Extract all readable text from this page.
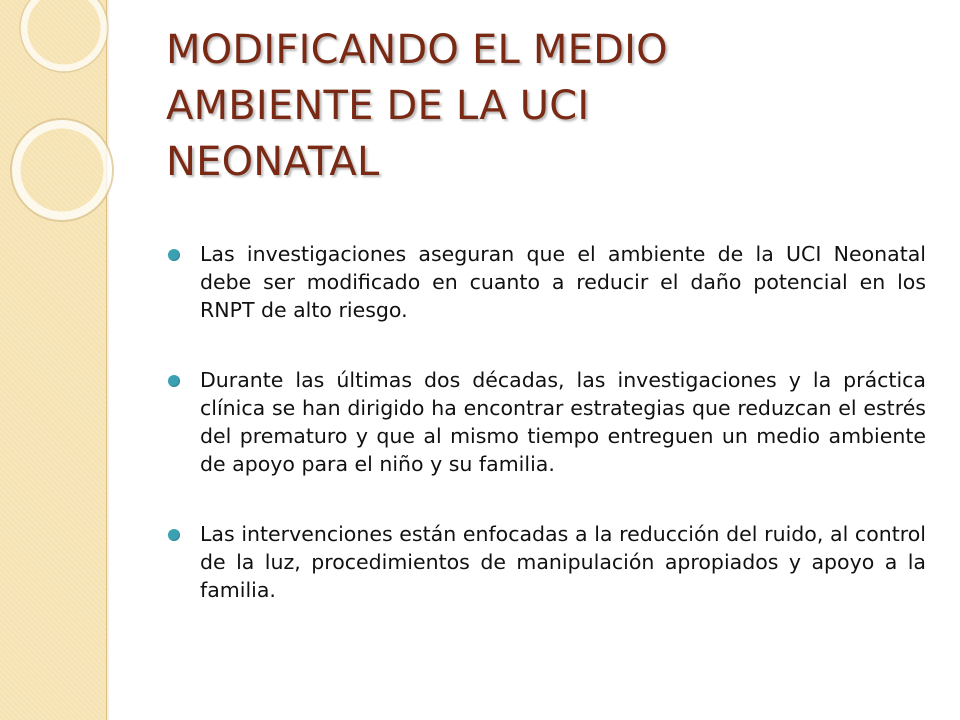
MODIFICANDO EL MEDIO
AMBIENTE DE LA UCI
NEONATAL
Las investigaciones aseguran que el ambiente de la UCI Neonatal debe ser modificado en cuanto a reducir el daño potencial en los RNPT de alto riesgo.
Durante las últimas dos décadas, las investigaciones y la práctica clínica se han dirigido ha encontrar estrategias que reduzcan el estrés del prematuro y que al mismo tiempo entreguen un medio ambiente de apoyo para el niño y su familia.
Las intervenciones están enfocadas a la reducción del ruido, al control de la luz, procedimientos de manipulación apropiados y apoyo a la familia.
